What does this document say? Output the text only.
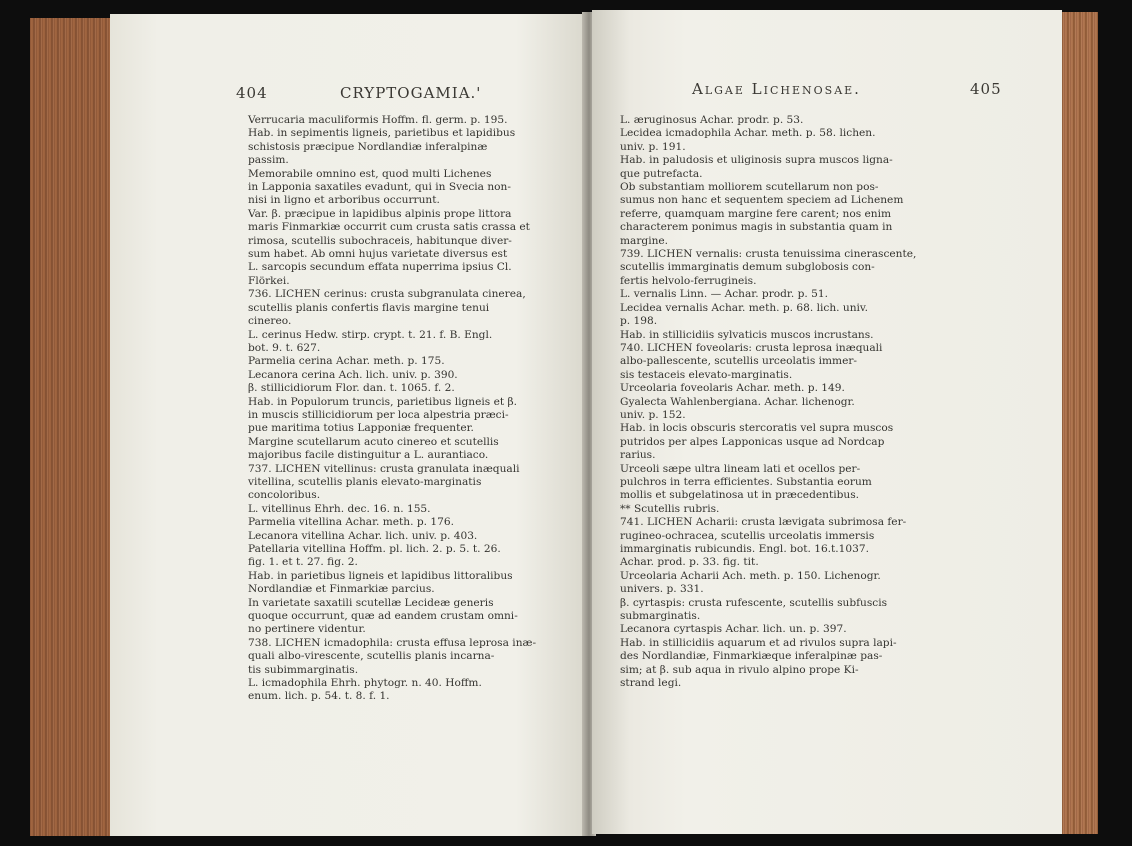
404	CRYPTOGAMIA.'
Verrucaria maculiformis Hoffm. fl. germ. p. 195.
Hab. in sepimentis ligneis, parietibus et lapidibus
schistosis præcipue Nordlandiæ inferalpinæ
passim.
Memorabile omnino est, quod multi Lichenes
in Lapponia saxatiles evadunt, qui in Svecia non-
nisi in ligno et arboribus occurrunt.
Var. β. præcipue in lapidibus alpinis prope littora
maris Finmarkiæ occurrit cum crusta satis crassa et
rimosa, scutellis subochraceis, habitunque diver-
sum habet. Ab omni hujus varietate diversus est
L. sarcopis secundum effata nuperrima ipsius Cl.
Flörkei.
736. LICHEN cerinus: crusta subgranulata cinerea,
scutellis planis confertis flavis margine tenui
cinereo.
L. cerinus Hedw. stirp. crypt. t. 21. f. B. Engl.
bot. 9. t. 627.
Parmelia cerina Achar. meth. p. 175.
Lecanora cerina Ach. lich. univ. p. 390.
β. stillicidiorum Flor. dan. t. 1065. f. 2.
Hab. in Populorum truncis, parietibus ligneis et β.
in muscis stillicidiorum per loca alpestria præci-
pue maritima totius Lapponiæ frequenter.
Margine scutellarum acuto cinereo et scutellis
majoribus facile distinguitur a L. aurantiaco.
737. LICHEN vitellinus: crusta granulata inæquali
vitellina, scutellis planis elevato-marginatis
concoloribus.
L. vitellinus Ehrh. dec. 16. n. 155.
Parmelia vitellina Achar. meth. p. 176.
Lecanora vitellina Achar. lich. univ. p. 403.
Patellaria vitellina Hoffm. pl. lich. 2. p. 5. t. 26.
fig. 1. et t. 27. fig. 2.
Hab. in parietibus ligneis et lapidibus littoralibus
Nordlandiæ et Finmarkiæ parcius.
In varietate saxatili scutellæ Lecideæ generis
quoque occurrunt, quæ ad eandem crustam omni-
no pertinere videntur.
738. LICHEN icmadophila: crusta effusa leprosa inæ-
quali albo-virescente, scutellis planis incarna-
tis subimmarginatis.
L. icmadophila Ehrh. phytogr. n. 40. Hoffm.
enum. lich. p. 54. t. 8. f. 1.
Algae Lichenosae.	405
L. æruginosus Achar. prodr. p. 53.
Lecidea icmadophila Achar. meth. p. 58. lichen.
univ. p. 191.
Hab. in paludosis et uliginosis supra muscos ligna-
que putrefacta.
Ob substantiam molliorem scutellarum non pos-
sumus non hanc et sequentem speciem ad Lichenem
referre, quamquam margine fere carent; nos enim
characterem ponimus magis in substantia quam in
margine.
739. LICHEN vernalis: crusta tenuissima cinerascente,
scutellis immarginatis demum subglobosis con-
fertis helvolo-ferrugineis.
L. vernalis Linn. — Achar. prodr. p. 51.
Lecidea vernalis Achar. meth. p. 68. lich. univ.
p. 198.
Hab. in stillicidiis sylvaticis muscos incrustans.
740. LICHEN foveolaris: crusta leprosa inæquali
albo-pallescente, scutellis urceolatis immer-
sis testaceis elevato-marginatis.
Urceolaria foveolaris Achar. meth. p. 149.
Gyalecta Wahlenbergiana. Achar. lichenogr.
univ. p. 152.
Hab. in locis obscuris stercoratis vel supra muscos
putridos per alpes Lapponicas usque ad Nordcap
rarius.
Urceoli sæpe ultra lineam lati et ocellos per-
pulchros in terra efficientes. Substantia eorum
mollis et subgelatinosa ut in præcedentibus.
** Scutellis rubris.
741. LICHEN Acharii: crusta lævigata subrimosa fer-
rugineo-ochracea, scutellis urceolatis immersis
immarginatis rubicundis. Engl. bot. 16.t.1037.
Achar. prod. p. 33. fig. tit.
Urceolaria Acharii Ach. meth. p. 150. Lichenogr.
univers. p. 331.
β. cyrtaspis: crusta rufescente, scutellis subfuscis
submarginatis.
Lecanora cyrtaspis Achar. lich. un. p. 397.
Hab. in stillicidiis aquarum et ad rivulos supra lapi-
des Nordlandiæ, Finmarkiæque inferalpinæ pas-
sim; at β. sub aqua in rivulo alpino prope Ki-
strand legi.
